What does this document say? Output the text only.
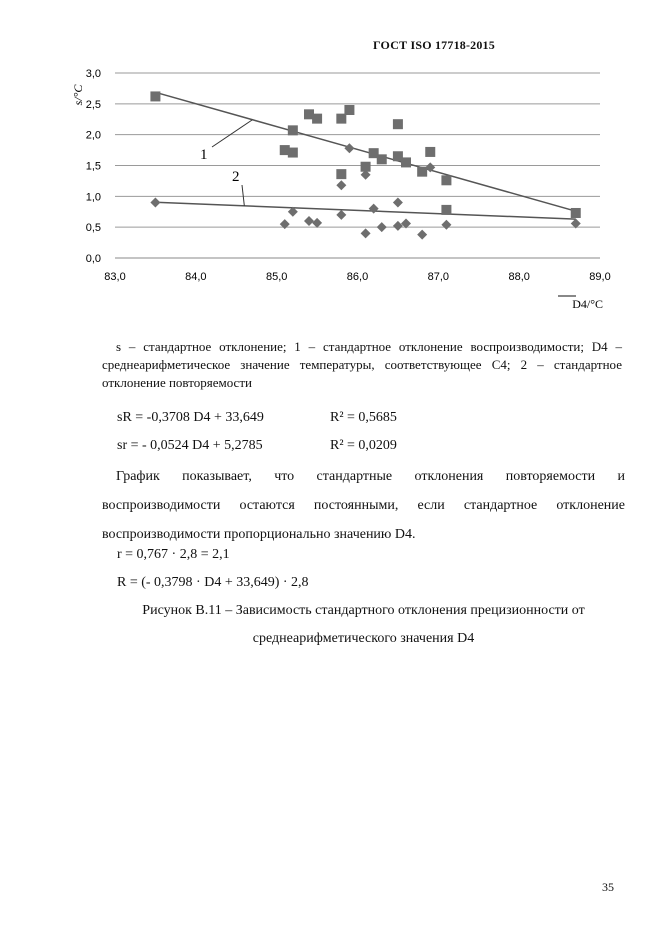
ГОСТ ISO 17718-2015
0,0
0,5
1,0
1,5
2,0
2,5
3,0
83,0	84,0	85,0	86,0	87,0	88,0	89,0
s/°C
D4/°C
1
2

s – стандартное отклонение; 1 – стандартное отклонение воспроизводимости; D4 – среднеарифметическое значение температуры, соответствующее C4; 2 – стандартное отклонение повторяемости

sR = -0,3708 D4 + 33,649	R² = 0,5685
sr = - 0,0524 D4 + 5,2785	R² = 0,0209
График показывает, что стандартные отклонения повторяемости и воспроизводимости остаются постоянными, если стандартное отклонение воспроизводимости пропорционально значению D4.
r = 0,767 · 2,8 = 2,1
R = (- 0,3798 · D4 + 33,649) · 2,8
Рисунок В.11 – Зависимость стандартного отклонения прецизионности от среднеарифметического значения D4
35
